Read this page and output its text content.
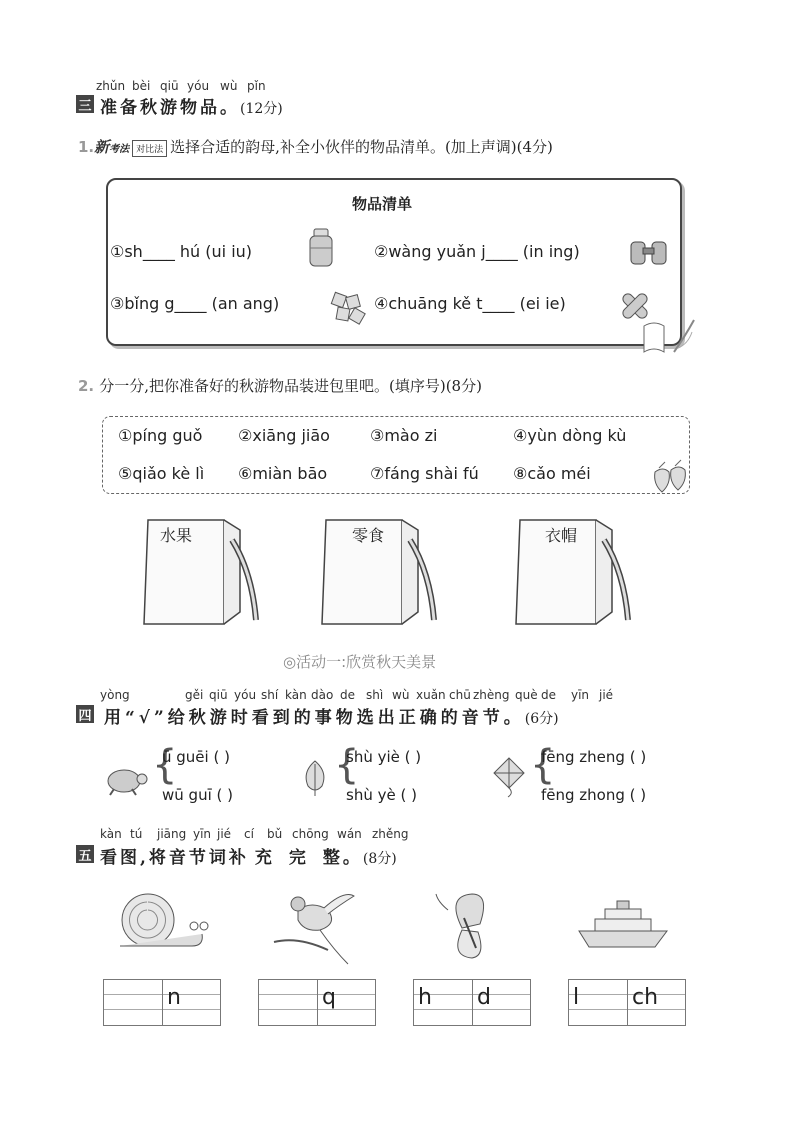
zhǔn bèi qiū yóu wù pǐn
三 准备秋游物品。(12分)
1.新考法 对比法 选择合适的韵母,补全小伙伴的物品清单。(加上声调)(4分)
物品清单
①sh____ hú (ui iu)	②wàng yuǎn j____ (in ing)
③bǐng g____ (an ang)	④chuāng kě t____ (ei ie)
2. 分一分,把你准备好的秋游物品装进包里吧。(填序号)(8分)
①píng guǒ ②xiāng jiāo	③mào zi	④yùn dòng kù
⑤qiǎo kè lì ⑥miàn bāo	⑦fáng shài fú ⑧cǎo méi
水果	零食	衣帽
◎活动一:欣赏秋天美景
yòng	gěi qiū yóu shí kàn dào de shì wù xuǎn chū zhèng què de yīn jié
四 用“√”给秋游时看到的事物选出正确的音节。(6分)
{
ū guēi ( )
wū guī ( )
{
shù yiè ( )
shù yè ( )
{
fēng zheng ( )
fēng zhong ( )
kàn tú jiāng yīn jié cí bǔ chōng wán zhěng
五 看图,将音节词补 充 完 整。(8分)
n	q	h d	l ch
